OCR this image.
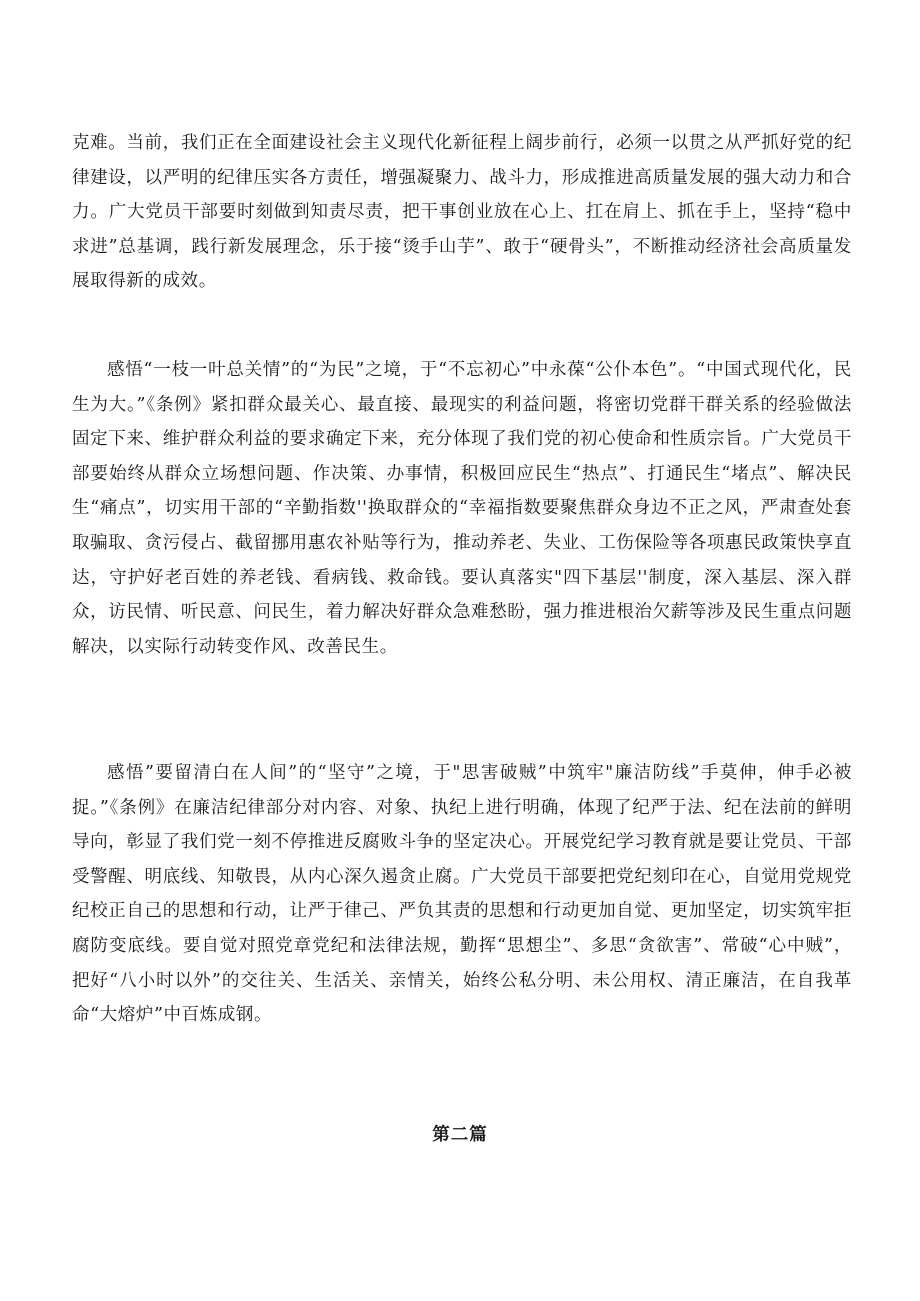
克难。当前，我们正在全面建设社会主义现代化新征程上阔步前行，必须一以贯之从严抓好党的纪律建设，以严明的纪律压实各方责任，增强凝聚力、战斗力，形成推进高质量发展的强大动力和合力。广大党员干部要时刻做到知责尽责，把干事创业放在心上、扛在肩上、抓在手上，坚持“稳中求进”总基调，践行新发展理念，乐于接“烫手山芋”、敢于“硬骨头”，不断推动经济社会高质量发展取得新的成效。

感悟“一枝一叶总关情”的“为民”之境，于“不忘初心”中永葆“公仆本色”。“中国式现代化，民生为大。”《条例》紧扣群众最关心、最直接、最现实的利益问题，将密切党群干群关系的经验做法固定下来、维护群众利益的要求确定下来，充分体现了我们党的初心使命和性质宗旨。广大党员干部要始终从群众立场想问题、作决策、办事情，积极回应民生“热点”、打通民生“堵点”、解决民生“痛点”，切实用干部的“辛勤指数''换取群众的“幸福指数要聚焦群众身边不正之风，严肃查处套取骗取、贪污侵占、截留挪用惠农补贴等行为，推动养老、失业、工伤保险等各项惠民政策快享直达，守护好老百姓的养老钱、看病钱、救命钱。要认真落实"四下基层''制度，深入基层、深入群众，访民情、听民意、问民生，着力解决好群众急难愁盼，强力推进根治欠薪等涉及民生重点问题解决，以实际行动转变作风、改善民生。

感悟”要留清白在人间”的“坚守”之境，于"思害破贼”中筑牢"廉洁防线”手莫伸，伸手必被捉。”《条例》在廉洁纪律部分对内容、对象、执纪上进行明确，体现了纪严于法、纪在法前的鲜明导向，彰显了我们党一刻不停推进反腐败斗争的坚定决心。开展党纪学习教育就是要让党员、干部受警醒、明底线、知敬畏，从内心深久遏贪止腐。广大党员干部要把党纪刻印在心，自觉用党规党纪校正自己的思想和行动，让严于律己、严负其责的思想和行动更加自觉、更加坚定，切实筑牢拒腐防变底线。要自觉对照党章党纪和法律法规，勤挥“思想尘”、多思“贪欲害”、常破“心中贼”，把好“八小时以外”的交往关、生活关、亲情关，始终公私分明、未公用权、清正廉洁，在自我革命“大熔炉”中百炼成钢。

第二篇
